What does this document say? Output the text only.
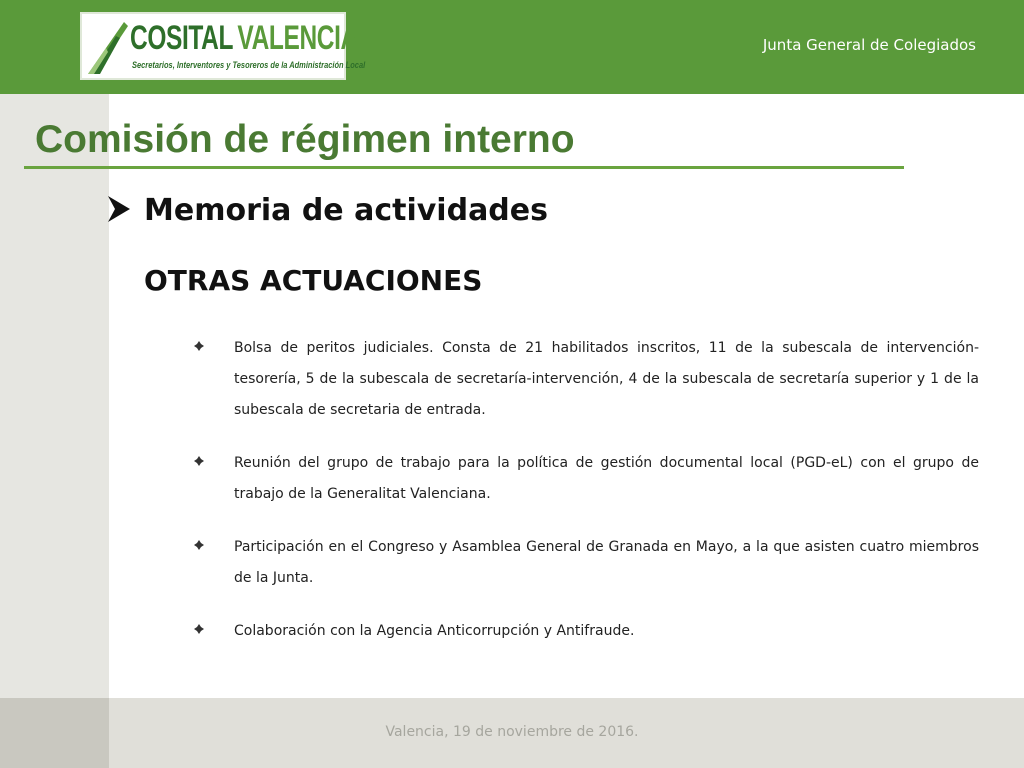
COSITAL VALENCIA
Secretarios, Interventores y Tesoreros de la Administración Local
Junta General de Colegiados
Valencia, 19 de noviembre de 2016.
Comisión de régimen interno
Memoria de actividades
OTRAS ACTUACIONES
Bolsa de peritos judiciales. Consta de 21 habilitados inscritos, 11 de la subescala de intervención-tesorería, 5 de la subescala de secretaría-intervención, 4 de la subescala de secretaría superior y 1 de la subescala de secretaria de entrada.
Reunión del grupo de trabajo para la política de gestión documental local (PGD-eL) con el grupo de trabajo de la Generalitat Valenciana.
Participación en el Congreso y Asamblea General de Granada en Mayo, a la que asisten cuatro miembros de la Junta.
Colaboración con la Agencia Anticorrupción y Antifraude.
